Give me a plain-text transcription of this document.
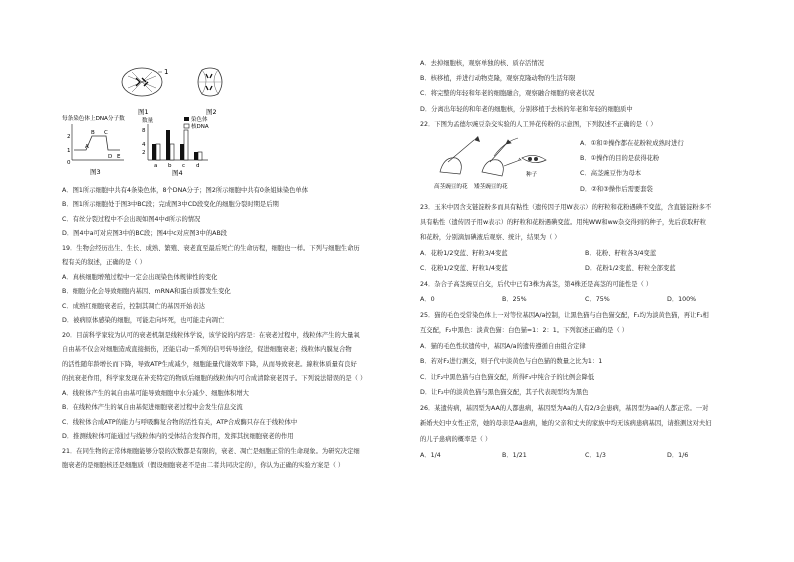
1
图1	图2
每条染色体上DNA分子数
2
1
0
A
B C
D E
图3
数量
8
4
2
a b c d
染色体
核DNA
图4
A．图1所示细胞中共有4条染色体，8个DNA分子；图2所示细胞中共有0条姐妹染色单体
B．图1所示细胞处于图3中BC段；完成图3中CD段变化的细胞分裂时期是后期
C．有丝分裂过程中不会出现如图4中d所示的情况
D．图4中a可对应图3中的BC段；图4中c对应图3中的AB段
19．生物会经历出生、生长、成熟、繁殖、衰老直至最后死亡的生命历程，细胞也一样。下列与细胞生命历
程有关的叙述，正确的是（ ）
A．真核细胞增殖过程中一定会出现染色体规律性的变化
B．细胞分化会导致细胞内基因、mRNA和蛋白质都发生变化
C．成熟红细胞衰老后，控制其凋亡的基因开始表达
D．被病原体感染的细胞，可能走向坏死，也可能走向凋亡
20．目前科学家较为认可的衰老机制是线粒体学说，该学说的内容是：在衰老过程中，线粒体产生的大量氧
自由基不仅会对细胞造成直接损伤，还能启动一系列的信号转导途径，促进细胞衰老；线粒体内膜复合物
的活性随年龄增长而下降，导致ATP生成减少，细胞能量代谢效率下降，从而导致衰老。線粒体质量有良好
的抗衰老作用，科学家发现在补充特定的物质后细胞的线粒体内可合成清除衰老因子。下列说法错误的是（ ）
A．线粒体产生的氧自由基可能导致细胞中水分减少、细胞体积增大
B．在线粒体产生的氧自由基促进细胞衰老过程中会发生信息交流
C．线粒体合成ATP的能力与呼吸酶复合物的活性有关，ATP合成酶只存在于线粒体中
D．推测线粒体可能通过与线粒体内的受体结合发挥作用，发挥其抗细胞衰老的作用
21．在同生物的正常体细胞能够分裂的次数都是有限的，衰老、凋亡是细胞正常的生命现象。为研究决定细
胞衰老的是细胞核还是细胞质（假设细胞衰老不是由二者共同决定的），你认为正确的实验方案是（ ）
A．去掉细胞核，观察单独的核、质存活情况
B．核移植，并进行动物克隆，观察克隆动物的生活年限
C．将完整的年轻和年老的细胞融合，观察融合细胞的衰老状况
D．分离出年轻的和年老的细胞核，分别移植于去核的年老和年轻的细胞质中
22．下图为孟德尔豌豆杂交实验的人工异花传粉的示意图，下列叙述不正确的是（ ）
高茎豌豆的花 矮茎豌豆的花
种子
A．①和②操作都在花粉粒成熟时进行
B．①操作的目的是获得花粉
C．高茎豌豆作为母本
D．②和③操作后需要套袋
23．玉米中因含支链淀粉多而具有粘性（遗传因子用W表示）的籽粒和花粉遇碘不变蓝，含直链淀粉多不
具有粘性（遗传因子用w表示）的籽粒和花粉遇碘变蓝。用纯WW和ww杂交得到的种子，先后获取籽粒
和花粉，分别滴加碘液后观察、统计，结果为（ ）
A．花粉1/2变蓝、籽粒3/4变蓝	B．花粉、籽粒各3/4变蓝
C．花粉1/2变蓝、籽粒1/4变蓝	D．花粉1/2变蓝、籽粒全部变蓝
24．杂合子高茎豌豆自交，后代中已有3株为高茎，第4株还是高茎的可能性是（ ）
A．0	B．25%	C．75%	D．100%
25．猫的毛色受常染色体上一对等位基因A/a控制，让黑色猫与白色猫交配，F₁均为淡黄色猫，再让F₁相
互交配，F₂中黑色：淡黄色猫：白色猫=1：2：1。下列叙述正确的是（ ）
A．猫的毛色性状遗传中，基因A/a的遗传遵循自由组合定律
B．若对F₂进行测交，则子代中淡黄色与白色猫的数量之比为1：1
C．让F₂中黑色猫与白色猫交配，所得F₃中纯合子的比例会降低
D．让F₂中的淡黄色猫与黑色猫交配，其子代表现型均为黑色
26．某遗传病，基因型为AA的人都患病，基因型为Aa的人有2/3会患病，基因型为aa的人都正常。一对
新婚夫妇中女性正常，她的母亲是Aa患病，她的父亲和丈夫的家族中均无该病患病基因，请推测这对夫妇
的儿子患病的概率是（ ）
A．1/4	B．1/21	C．1/3	D．1/6
